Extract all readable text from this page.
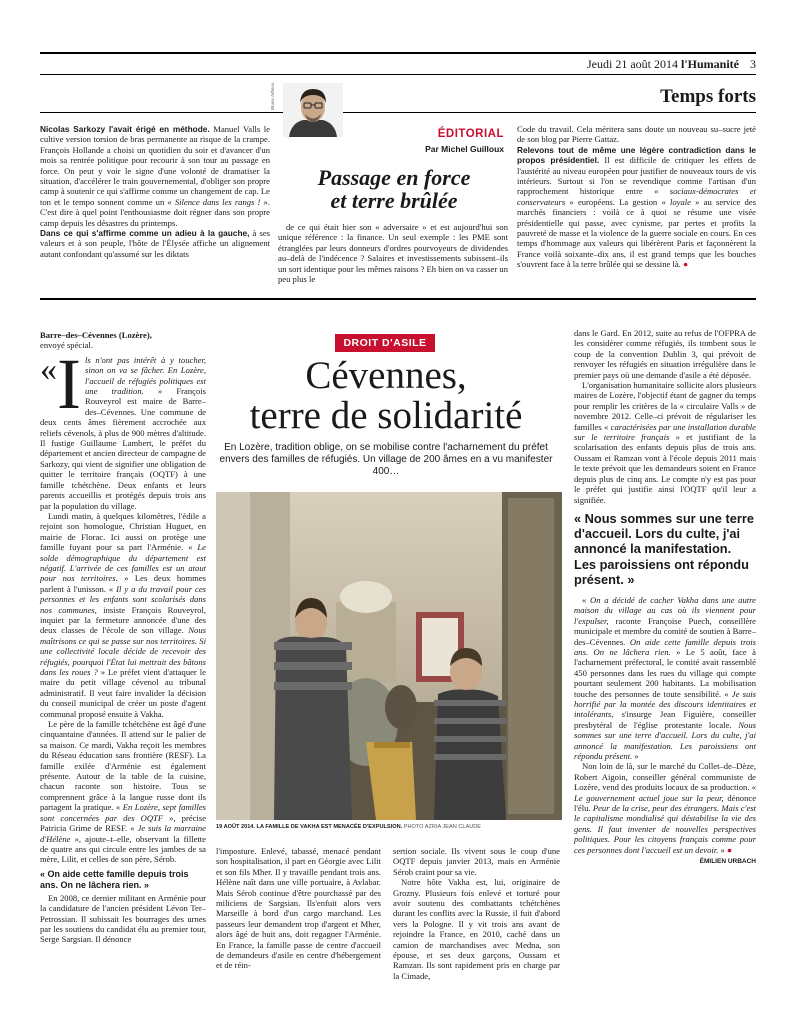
Jeudi 21 août 2014 l'Humanité 3
Temps forts
Nicolas Sarkozy l'avait érigé en méthode. Manuel Valls le cultive version torsion de bras permanente au risque de la crampe. François Hollande a choisi un quotidien du soir et d'avancer d'un mois sa rentrée politique pour recourir à son tour au passage en force. On peut y voir le signe d'une volonté de dramatiser la situation, d'accélérer le train gouvernemental, d'obliger son propre camp à soutenir ce qui s'affirme comme un changement de cap. Le ton et le tempo sonnent comme un « Silence dans les rangs ! ». C'est dire à quel point l'enthousiasme doit régner dans son propre camp depuis les désastres du printemps.
Dans ce qui s'affirme comme un adieu à la gauche, à ses valeurs et à son peuple, l'hôte de l'Élysée affiche un alignement autant confondant qu'assumé sur les diktats
Bruno Arbesu
ÉDITORIAL
Par Michel Guilloux
Passage en force
et terre brûlée
de ce qui était hier son « adversaire » et est aujourd'hui son unique référence : la finance. Un seul exemple : les PME sont étranglées par leurs donneurs d'ordres pourvoyeurs de dividendes au–delà de l'indécence ? Salaires et investissements subissent–ils un sort identique pour les mêmes raisons ? Eh bien on va casser un peu plus le
Code du travail. Cela méritera sans doute un nouveau su–sucre jeté de son blog par Pierre Gattaz.
Relevons tout de même une légère contradiction dans le propos présidentiel. Il est difficile de critiquer les effets de l'austérité au niveau européen pour justifier de nouveaux tours de vis intérieurs. Surtout si l'on se revendique comme l'artisan d'un rapprochement historique entre « sociaux-démocrates et conservateurs » européens. La gestion « loyale » au service des marchés financiers : voilà ce à quoi se résume une visée présidentielle qui passe, avec cynisme, par pertes et profits la pauvreté de masse et la violence de la guerre sociale en cours. En ces temps d'hommage aux valeurs qui libérèrent Paris et façonnèrent la France voilà soixante–dix ans, il est grand temps que les bouches s'ouvrent face à la terre brûlée qui se dessine là. ●
Barre–des–Cévennes (Lozère),
envoyé spécial.
« I ls n'ont pas intérêt à y toucher, sinon on va se fâcher. En Lozère, l'accueil de réfugiés politiques est une tradition. » François Rouveyrol est maire de Barre–des–Cévennes. Une commune de deux cents âmes fièrement accrochée aux reliefs cévenols, à plus de 900 mètres d'altitude. Il fustige Guillaume Lambert, le préfet du département et ancien directeur de campagne de Sarkozy, qui vient de signifier une obligation de quitter le territoire français (OQTF) à une famille tchétchène. Deux enfants et leurs parents accueillis et protégés depuis trois ans par la population du village.
Lundi matin, à quelques kilomètres, l'édile a rejoint son homologue, Christian Huguet, en mairie de Florac. Ici aussi on protège une famille fuyant pour sa part l'Arménie. « Le solde démographique du département est négatif. L'arrivée de ces familles est un atout pour nos territoires. » Les deux hommes parlent à l'unisson. « Il y a du travail pour ces personnes et les enfants sont scolarisés dans nos communes, insiste François Rouveyrol, inquiet par la fermeture annoncée d'une des deux classes de l'école de son village. Nous maîtrisons ce qui se passe sur nos territoires. Si une collectivité locale décide de recevoir des réfugiés, pourquoi l'État lui mettrait des bâtons dans les roues ? » Le préfet vient d'attaquer le maire du petit village cévenol au tribunal administratif. Il veut faire invalider la décision du conseil municipal de créer un poste d'agent communal proposé ensuite à Vakha.
Le père de la famille tchétchène est âgé d'une cinquantaine d'années. Il attend sur le palier de sa maison. Ce mardi, Vakha reçoit les membres du Réseau éducation sans frontière (RESF). La famille exilée d'Arménie est également présente. Autour de la table de la cuisine, chacun raconte son histoire. Tous se comprennent grâce à la langue russe dont ils partagent la pratique. « En Lozère, sept familles sont concernées par des OQTF », précise Patricia Grime de RESF. « Je suis la marraine d'Hélène », ajoute–t–elle, observant la fillette de quatre ans qui circule entre les jambes de sa mère, Lilit, et celles de son père, Sérob.
« On aide cette famille depuis trois ans. On ne lâchera rien. »
En 2008, ce dernier militant en Arménie pour la candidature de l'ancien président Lévon Ter–Petrossian. Il subissait les bourrages des urnes par les soutiens du candidat élu au premier tour, Serge Sargsian. Il dénonce
DROIT D'ASILE
Cévennes,
terre de solidarité
En Lozère, tradition oblige, on se mobilise contre l'acharnement du préfet envers des familles de réfugiés. Un village de 200 âmes en a vu manifester 400…
19 AOÛT 2014. LA FAMILLE DE VAKHA EST MENACÉE D'EXPULSION. PHOTO AZRIA JEAN CLAUDE
l'imposture. Enlevé, tabassé, menacé pendant son hospitalisation, il part en Géorgie avec Lilit et son fils Mher. Il y travaille pendant trois ans. Hélène naît dans une ville portuaire, à Avlabar. Mais Sérob continue d'être pourchassé par des miliciens de Sargsian. Ils'enfuit alors vers Marseille à bord d'un cargo marchand. Les passeurs leur demandent trop d'argent et Mher, alors âgé de huit ans, doit regagner l'Arménie. En France, la famille passe de centre d'accueil de demandeurs d'asile en centre d'hébergement et de réin-
sertion sociale. Ils vivent sous le coup d'une OQTF depuis janvier 2013, mais en Arménie Sérob craint pour sa vie.
Notre hôte Vakha est, lui, originaire de Grozny. Plusieurs fois enlevé et torturé pour avoir soutenu des combattants tchétchènes durant les conflits avec la Russie, il fuit d'abord vers la Pologne. Il y vit trois ans avant de rejoindre la France, en 2010, caché dans un camion de marchandises avec Medna, son épouse, et ses deux garçons, Oussam et Ramzan. Ils sont rapidement pris en charge par la Cimade,
dans le Gard. En 2012, suite au refus de l'OFPRA de les considérer comme réfugiés, ils tombent sous le coup de la convention Dublin 3, qui prévoit de renvoyer les réfugiés en situation irrégulière dans le premier pays où une demande d'asile a été déposée.
L'organisation humanitaire sollicite alors plusieurs maires de Lozère, l'objectif étant de gagner du temps pour remplir les critères de la « circulaire Valls » de novembre 2012. Celle–ci prévoit de régulariser les familles « caractérisées par une installation durable sur le territoire français » et justifiant de la scolarisation des enfants depuis plus de trois ans. Oussam et Ramzan vont à l'école depuis 2011 mais le texte prévoit que les demandeurs soient en France depuis plus de cinq ans. Le compte n'y est pas pour le préfet qui justifie ainsi l'OQTF qu'il leur a signifiée.
« Nous sommes sur une terre d'accueil. Lors du culte, j'ai annoncé la manifestation. Les paroissiens ont répondu présent. »
« On a décidé de cacher Vakha dans une autre maison du village au cas où ils viennent pour l'expulser, raconte Françoise Puech, conseillère municipale et membre du comité de soutien à Barre–des–Cévennes. On aide cette famille depuis trois ans. On ne lâchera rien. » Le 5 août, face à l'acharnement préfectoral, le comité avait rassemblé 450 personnes dans les rues du village qui compte pourtant seulement 200 habitants. La mobilisation touche des personnes de toute sensibilité. « Je suis horrifié par la montée des discours identitaires et intolérants, s'insurge Jean Figuière, conseiller presbytéral de l'église protestante locale. Nous sommes sur une terre d'accueil. Lors du culte, j'ai annoncé la manifestation. Les paroissiens ont répondu présent. »
Non loin de là, sur le marché du Collet–de–Dèze, Robert Aigoin, conseiller général communiste de Lozère, vend des produits locaux de sa production. « Le gouvernement actuel joue sur la peur, dénonce l'élu. Peur de la crise, peur des étrangers. Mais c'est le capitalisme mondialisé qui déstabilise la vie des gens. Il faut inventer de nouvelles perspectives politiques. Pour les citoyens français comme pour ces personnes dont l'accueil est un devoir. » ●
ÉMILIEN URBACH
